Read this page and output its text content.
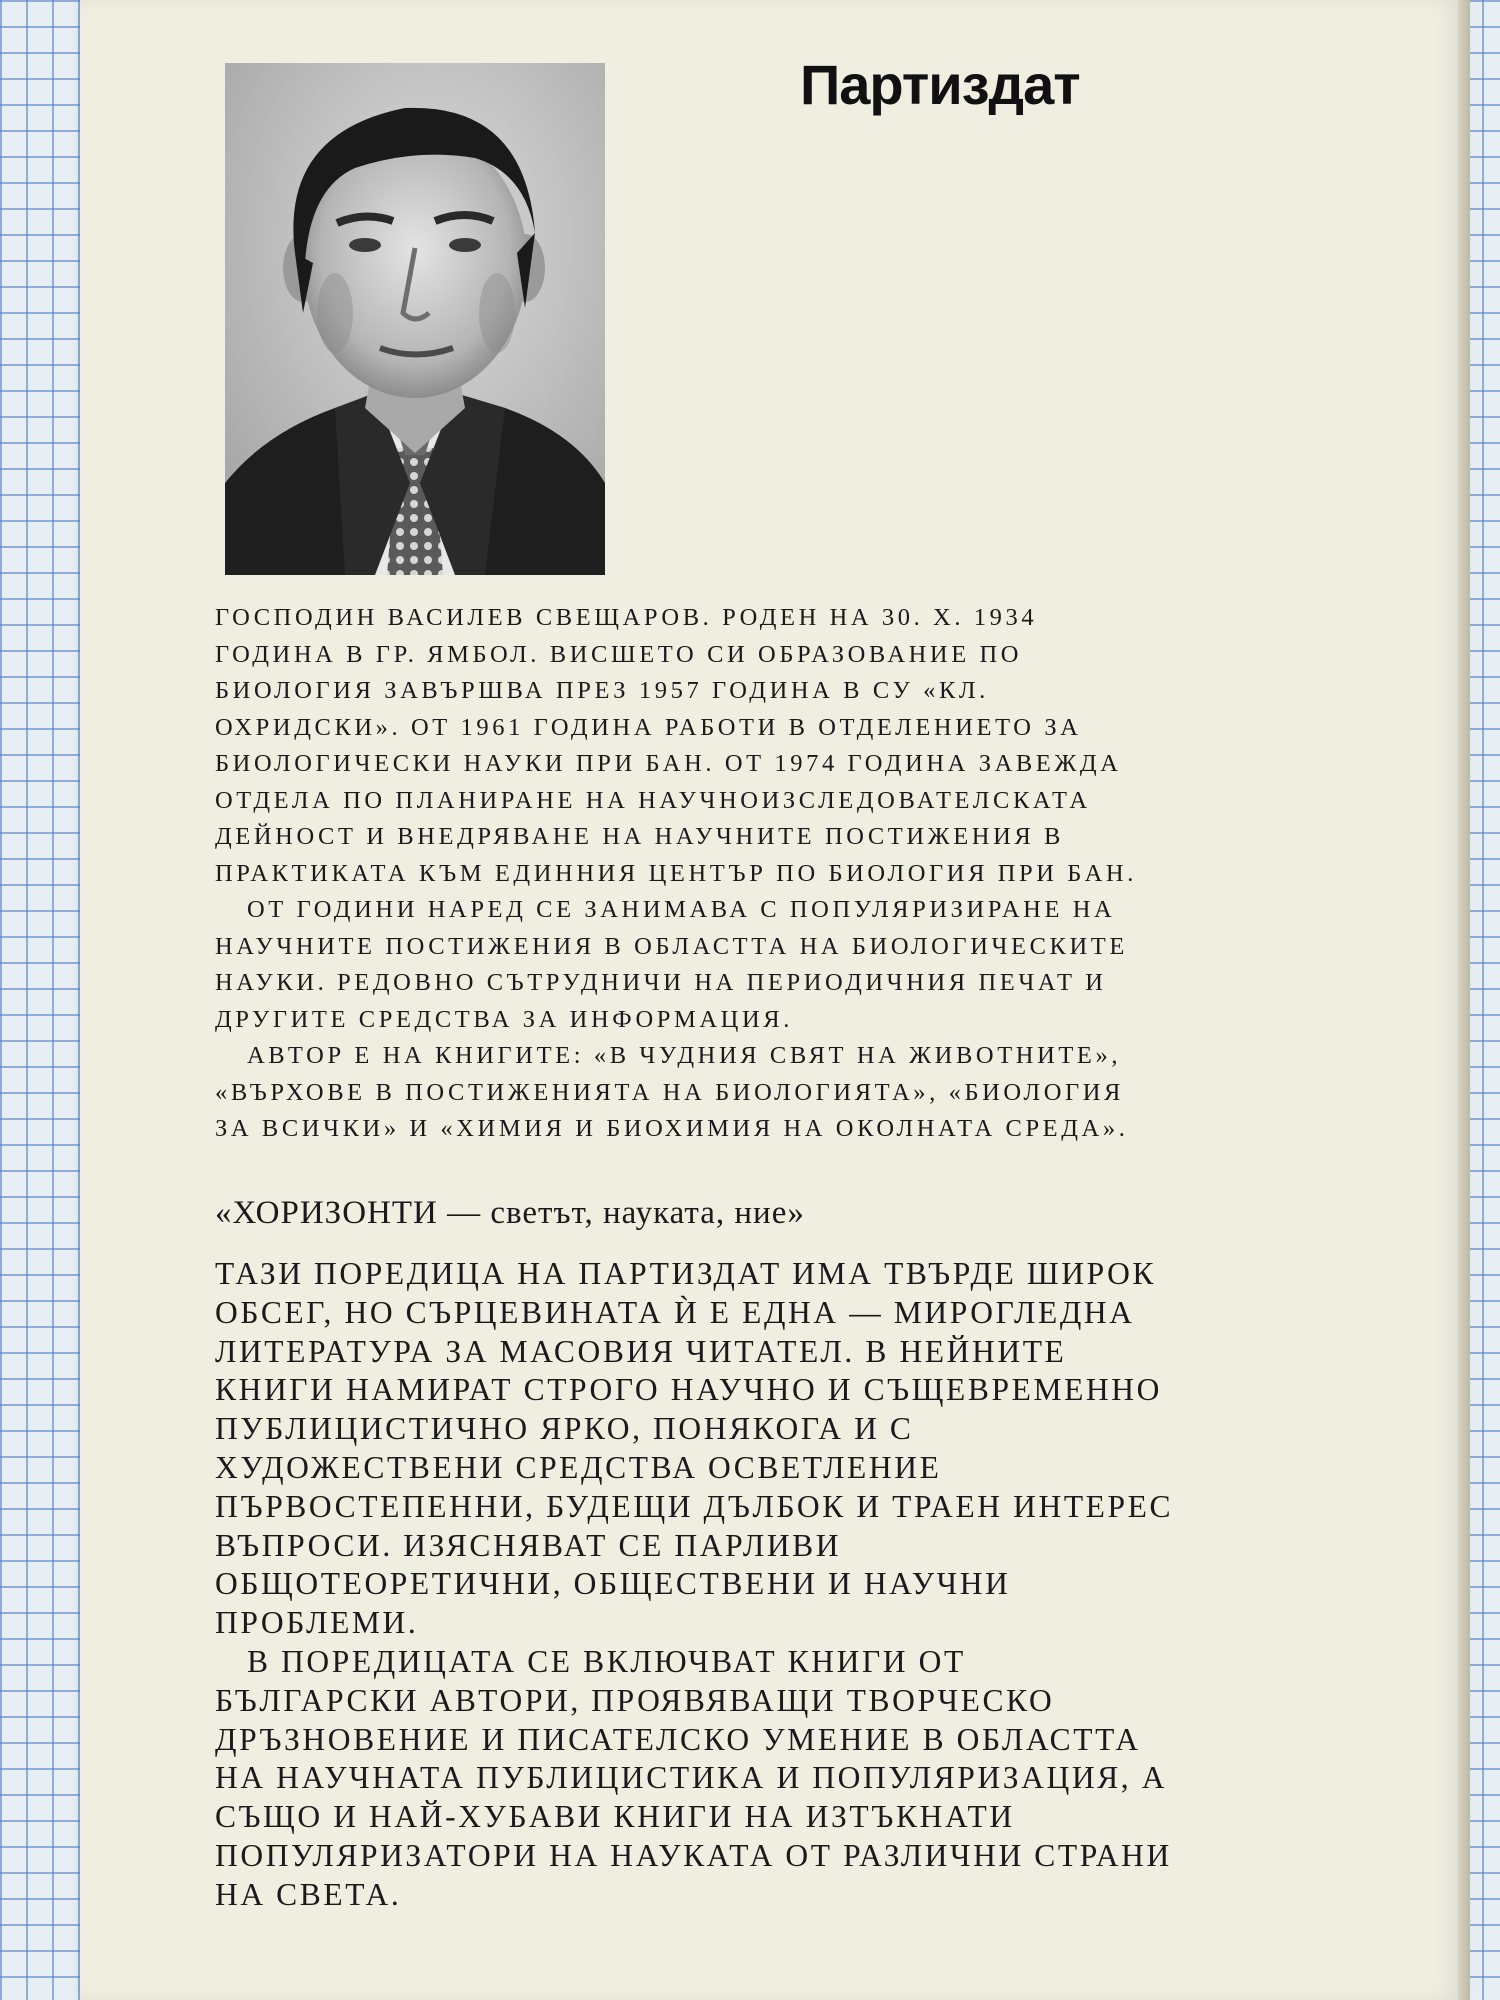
Партиздат

ГОСПОДИН ВАСИЛЕВ СВЕЩАРОВ. РОДЕН НА 30. X. 1934 ГОДИНА В ГР. ЯМБОЛ. ВИСШЕТО СИ ОБРАЗОВАНИЕ ПО БИОЛОГИЯ ЗАВЪРШВА ПРЕЗ 1957 ГОДИНА В СУ «КЛ. ОХРИДСКИ». ОТ 1961 ГОДИНА РАБОТИ В ОТДЕЛЕНИЕТО ЗА БИОЛОГИЧЕСКИ НАУКИ ПРИ БАН. ОТ 1974 ГОДИНА ЗАВЕЖДА ОТДЕЛА ПО ПЛАНИРАНЕ НА НАУЧНОИЗСЛЕДОВАТЕЛСКАТА ДЕЙНОСТ И ВНЕДРЯВАНЕ НА НАУЧНИТЕ ПОСТИЖЕНИЯ В ПРАКТИКАТА КЪМ ЕДИННИЯ ЦЕНТЪР ПО БИОЛОГИЯ ПРИ БАН.

ОТ ГОДИНИ НАРЕД СЕ ЗАНИМАВА С ПОПУЛЯРИЗИРАНЕ НА НАУЧНИТЕ ПОСТИЖЕНИЯ В ОБЛАСТТА НА БИОЛОГИЧЕСКИТЕ НАУКИ. РЕДОВНО СЪТРУДНИЧИ НА ПЕРИОДИЧНИЯ ПЕЧАТ И ДРУГИТЕ СРЕДСТВА ЗА ИНФОРМАЦИЯ.

АВТОР Е НА КНИГИТЕ: «В ЧУДНИЯ СВЯТ НА ЖИВОТНИТЕ», «ВЪРХОВЕ В ПОСТИЖЕНИЯТА НА БИОЛОГИЯТА», «БИОЛОГИЯ ЗА ВСИЧКИ» И «ХИМИЯ И БИОХИМИЯ НА ОКОЛНАТА СРЕДА».

«ХОРИЗОНТИ — светът, науката, ние»

ТАЗИ ПОРЕДИЦА НА ПАРТИЗДАТ ИМА ТВЪРДЕ ШИРОК ОБСЕГ, НО СЪРЦЕВИНАТА Ѝ Е ЕДНА — МИРОГЛЕДНА ЛИТЕРАТУРА ЗА МАСОВИЯ ЧИТАТЕЛ. В НЕЙНИТЕ КНИГИ НАМИРАТ СТРОГО НАУЧНО И СЪЩЕВРЕМЕННО ПУБЛИЦИСТИЧНО ЯРКО, ПОНЯКОГА И С ХУДОЖЕСТВЕНИ СРЕДСТВА ОСВЕТЛЕНИЕ ПЪРВОСТЕПЕННИ, БУДЕЩИ ДЪЛБОК И ТРАЕН ИНТЕРЕС ВЪПРОСИ. ИЗЯСНЯВАТ СЕ ПАРЛИВИ ОБЩОТЕОРЕТИЧНИ, ОБЩЕСТВЕНИ И НАУЧНИ ПРОБЛЕМИ.

В ПОРЕДИЦАТА СЕ ВКЛЮЧВАТ КНИГИ ОТ БЪЛГАРСКИ АВТОРИ, ПРОЯВЯВАЩИ ТВОРЧЕСКО ДРЪЗНОВЕНИЕ И ПИСАТЕЛСКО УМЕНИЕ В ОБЛАСТТА НА НАУЧНАТА ПУБЛИЦИСТИКА И ПОПУЛЯРИЗАЦИЯ, А СЪЩО И НАЙ-ХУБАВИ КНИГИ НА ИЗТЪКНАТИ ПОПУЛЯРИЗАТОРИ НА НАУКАТА ОТ РАЗЛИЧНИ СТРАНИ НА СВЕТА.
